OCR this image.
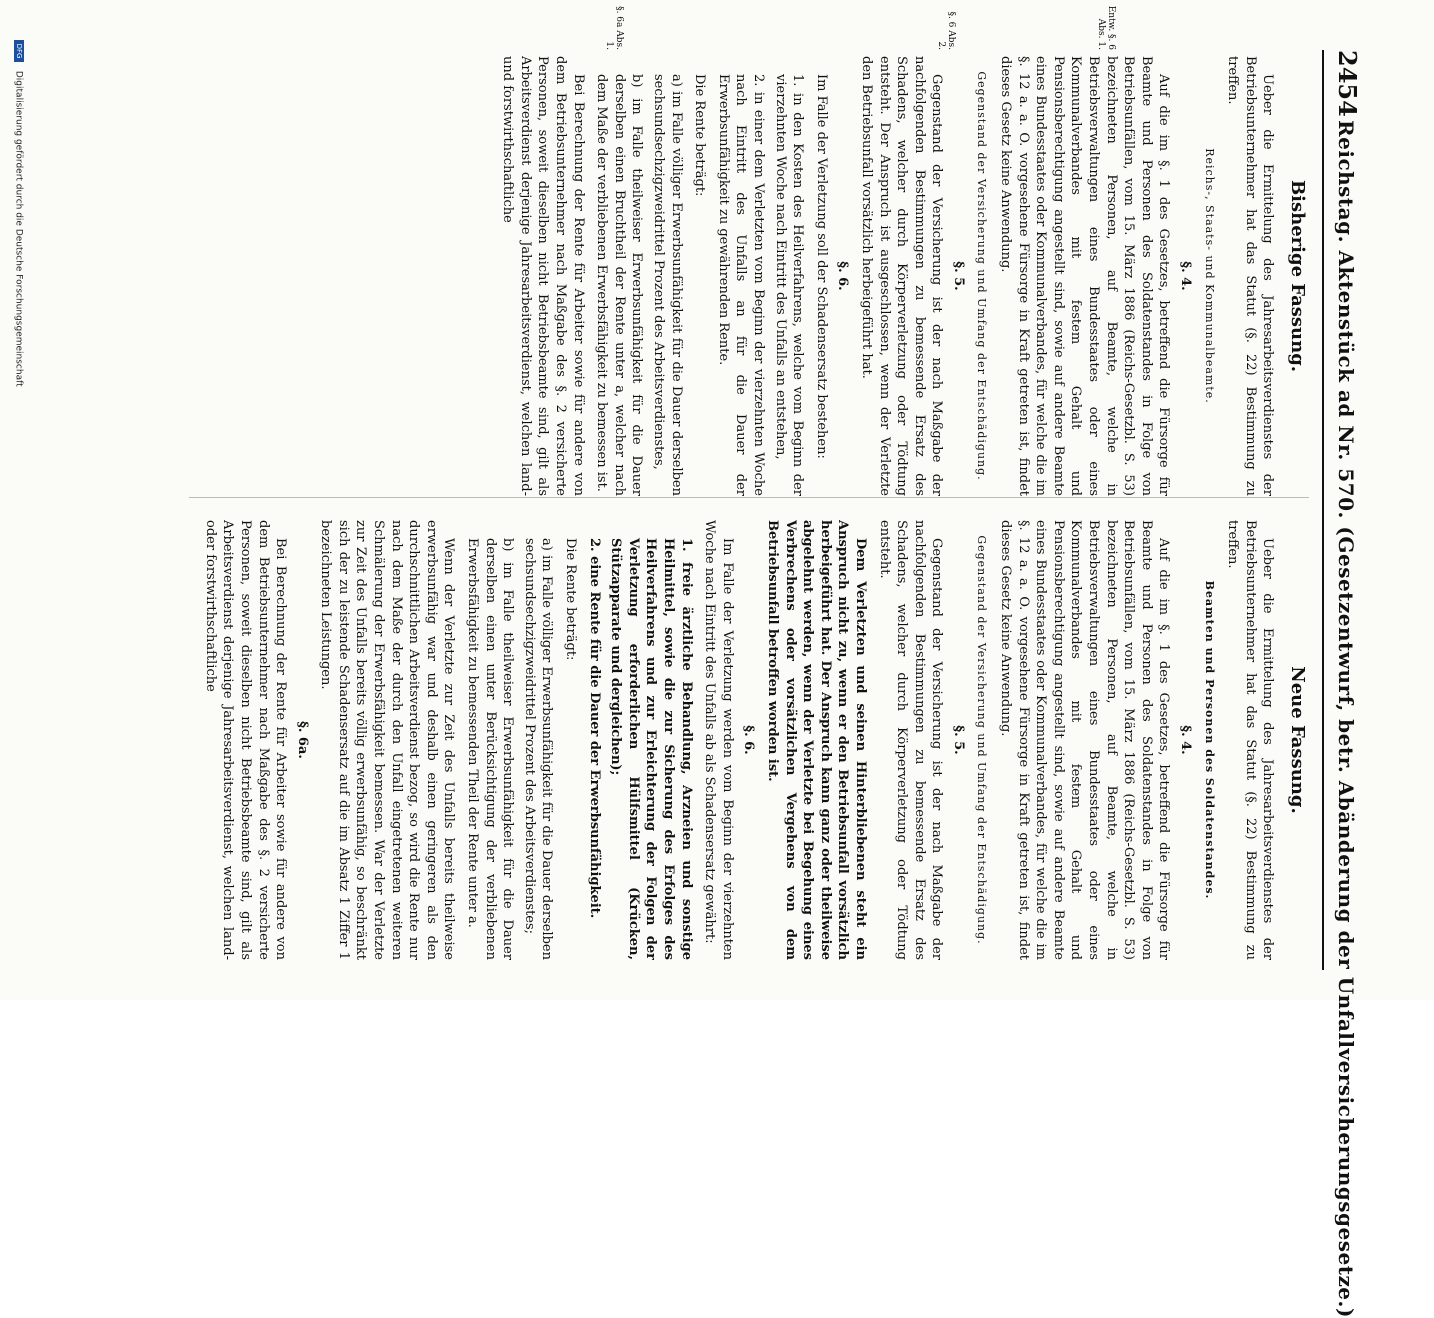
2454
Reichstag. Aktenstück ad Nr. 570. (Gesetzentwurf, betr. Abänderung der Unfallversicherungsgesetze.)
Entw. §. 6 Abs. 1.
§. 6 Abs. 2.
§. 6a Abs. 1.
Bisherige Fassung.

Ueber die Ermittelung des Jahresarbeitsverdienstes der Betriebsunternehmer hat das Statut (§. 22) Bestimmung zu treffen.

Reichs-, Staats- und Kommunalbeamte.
§. 4.

Auf die im §. 1 des Gesetzes, betreffend die Fürsorge für Beamte und Personen des Soldatenstandes in Folge von Betriebsunfällen, vom 15. März 1886 (Reichs-Gesetzbl. S. 53) bezeichneten Personen, auf Beamte, welche in Betriebsverwaltungen eines Bundesstaates oder eines Kommunalverbandes mit festem Gehalt und Pensionsberechtigung angestellt sind, sowie auf andere Beamte eines Bundesstaates oder Kommunalverbandes, für welche die im §. 12 a. a. O. vorgesehene Fürsorge in Kraft getreten ist, findet dieses Gesetz keine Anwendung.

Gegenstand der Versicherung und Umfang der Entschädigung.
§. 5.

Gegenstand der Versicherung ist der nach Maßgabe der nachfolgenden Bestimmungen zu bemessende Ersatz des Schadens, welcher durch Körperverletzung oder Tödtung entsteht. Der Anspruch ist ausgeschlossen, wenn der Verletzte den Betriebsunfall vorsätzlich herbeigeführt hat.

§. 6.

Im Falle der Verletzung soll der Schadensersatz bestehen:

1. in den Kosten des Heilverfahrens, welche vom Beginn der vierzehnten Woche nach Eintritt des Unfalls an entstehen,
2. in einer dem Verletzten vom Beginn der vierzehnten Woche nach Eintritt des Unfalls an für die Dauer der Erwerbsunfähigkeit zu gewährenden Rente.

Die Rente beträgt:

a) im Falle völliger Erwerbsunfähigkeit für die Dauer derselben sechsundsechzigzweidrittel Prozent des Arbeitsverdienstes,
b) im Falle theilweiser Erwerbsunfähigkeit für die Dauer derselben einen Bruchtheil der Rente unter a, welcher nach dem Maße der verbliebenen Erwerbsfähigkeit zu bemessen ist.

Bei Berechnung der Rente für Arbeiter sowie für andere von dem Betriebsunternehmer nach Maßgabe des §. 2 versicherte Personen, soweit dieselben nicht Betriebsbeamte sind, gilt als Arbeitsverdienst derjenige Jahresarbeitsverdienst, welchen land- und forstwirthschaftliche

Neue Fassung.

Ueber die Ermittelung des Jahresarbeitsverdienstes der Betriebsunternehmer hat das Statut (§. 22) Bestimmung zu treffen.

Beamten und Personen des Soldatenstandes.
§. 4.

Auf die im §. 1 des Gesetzes, betreffend die Fürsorge für Beamte und Personen des Soldatenstandes in Folge von Betriebsunfällen, vom 15. März 1886 (Reichs-Gesetzbl. S. 53) bezeichneten Personen, auf Beamte, welche in Betriebsverwaltungen eines Bundesstaates oder eines Kommunalverbandes mit festem Gehalt und Pensionsberechtigung angestellt sind, sowie auf andere Beamte eines Bundesstaates oder Kommunalverbandes, für welche die im §. 12 a. a. O. vorgesehene Fürsorge in Kraft getreten ist, findet dieses Gesetz keine Anwendung.

Gegenstand der Versicherung und Umfang der Entschädigung.
§. 5.

Gegenstand der Versicherung ist der nach Maßgabe der nachfolgenden Bestimmungen zu bemessende Ersatz des Schadens, welcher durch Körperverletzung oder Tödtung entsteht.

Dem Verletzten und seinen Hinterbliebenen steht ein Anspruch nicht zu, wenn er den Betriebsunfall vorsätzlich herbeigeführt hat. Der Anspruch kann ganz oder theilweise abgelehnt werden, wenn der Verletzte bei Begehung eines Verbrechens oder vorsätzlichen Vergehens von dem Betriebsunfall betroffen worden ist.

§. 6.

Im Falle der Verletzung werden vom Beginn der vierzehnten Woche nach Eintritt des Unfalls ab als Schadensersatz gewährt:

1. freie ärztliche Behandlung, Arzneien und sonstige Heilmittel, sowie die zur Sicherung des Erfolges des Heilverfahrens und zur Erleichterung der Folgen der Verletzung erforderlichen Hülfsmittel (Krücken, Stützapparate und dergleichen);
2. eine Rente für die Dauer der Erwerbsunfähigkeit.

Die Rente beträgt:

a) im Falle völliger Erwerbsunfähigkeit für die Dauer derselben sechsundsechzigzweidrittel Prozent des Arbeitsverdienstes;
b) im Falle theilweiser Erwerbsunfähigkeit für die Dauer derselben einen unter Berücksichtigung der verbliebenen Erwerbsfähigkeit zu bemessenden Theil der Rente unter a.

Wenn der Verletzte zur Zeit des Unfalls bereits theilweise erwerbsunfähig war und deshalb einen geringeren als den durchschnittlichen Arbeitsverdienst bezog, so wird die Rente nur nach dem Maße der durch den Unfall eingetretenen weiteren Schmälerung der Erwerbsfähigkeit bemessen. War der Verletzte zur Zeit des Unfalls bereits völlig erwerbsunfähig, so beschränkt sich der zu leistende Schadensersatz auf die im Absatz 1 Ziffer 1 bezeichneten Leistungen.

§. 6a.

Bei Berechnung der Rente für Arbeiter sowie für andere von dem Betriebsunternehmer nach Maßgabe des §. 2 versicherte Personen, soweit dieselben nicht Betriebsbeamte sind, gilt als Arbeitsverdienst derjenige Jahresarbeitsverdienst, welchen land- oder forstwirthschaftliche

DFG Digitalisierung gefördert durch die Deutsche Forschungsgemeinschaft
